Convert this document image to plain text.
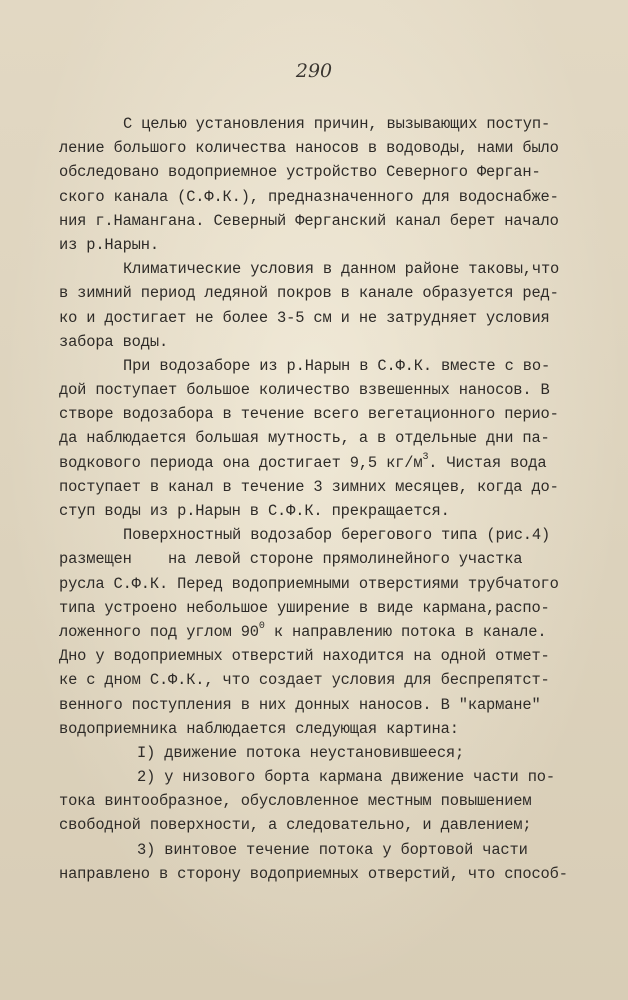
290
С целью установления причин, вызывающих поступ-
ление большого количества наносов в водоводы, нами было
обследовано водоприемное устройство Северного Ферган-
ского канала (С.Ф.К.), предназначенного для водоснабже-
ния г.Намангана. Северный Ферганский канал берет начало
из р.Нарын.
Климатические условия в данном районе таковы,что
в зимний период ледяной покров в канале образуется ред-
ко и достигает не более 3-5 см и не затрудняет условия
забора воды.
При водозаборе из р.Нарын в С.Ф.К. вместе с во-
дой поступает большое количество взвешенных наносов. В
створе водозабора в течение всего вегетационного перио-
да наблюдается большая мутность, а в отдельные дни па-
водкового периода она достигает 9,5 $кг/м^3$. Чистая вода
поступает в канал в течение 3 зимних месяцев, когда до-
ступ воды из р.Нарын в С.Ф.К. прекращается.
Поверхностный водозабор берегового типа (рис.4)
размещен    на левой стороне прямолинейного участка
русла С.Ф.К. Перед водоприемными отверстиями трубчатого
типа устроено небольшое уширение в виде кармана,распо-
ложенного под углом $90^0$ к направлению потока в канале.
Дно у водоприемных отверстий находится на одной отмет-
ке с дном С.Ф.К., что создает условия для беспрепятст-
венного поступления в них донных наносов. В "кармане"
водоприемника наблюдается следующая картина:
I) движение потока неустановившееся;
2) у низового борта кармана движение части по-
тока винтообразное, обусловленное местным повышением
свободной поверхности, а следовательно, и давлением;
3) винтовое течение потока у бортовой части
направлено в сторону водоприемных отверстий, что способ-
